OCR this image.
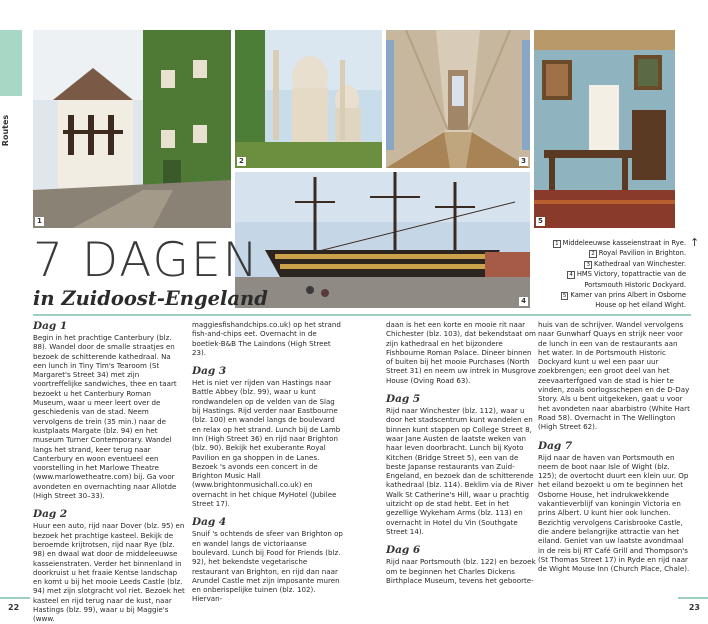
Routes
1
2	3
4
5
7 DAGEN
in Zuidoost-Engeland
↑
1 Middeleeuwse kasseienstraat in Rye.
2 Royal Pavilion in Brighton.
3 Kathedraal van Winchester.
4 HMS Victory, topattractie van de
Portsmouth Historic Dockyard.
5 Kamer van prins Albert in Osborne
House op het eiland Wight.
Dag 1

Begin in het prachtige Canterbury (blz. 88). Wandel door de smalle straatjes en bezoek de schitterende kathedraal. Na een lunch in Tiny Tim's Tearoom (St Margaret's Street 34) met zijn voortreffelijke sandwiches, thee en taart bezoekt u het Canterbury Roman Museum, waar u meer leert over de geschiedenis van de stad. Neem vervolgens de trein (35 min.) naar de kustplaats Margate (blz. 94) en het museum Turner Contemporary. Wandel langs het strand, keer terug naar Canterbury en woon eventueel een voorstelling in het Marlowe Theatre (www.marlowetheatre.com) bij. Ga voor avondeten en overnachting naar Allotde (High Street 30–33).

Dag 2

Huur een auto, rijd naar Dover (blz. 95) en bezoek het prachtige kasteel. Bekijk de beroemde krijtrotsen, rijd naar Rye (blz. 98) en dwaal wat door de middeleeuwse kasseienstraten. Verder het binnenland in doorkruist u het fraaie Kentse landschap en komt u bij het mooie Leeds Castle (blz. 94) met zijn slotgracht vol riet. Bezoek het kasteel en rijd terug naar de kust, naar Hastings (blz. 99), waar u bij Maggie's (www.

maggiesfishandchips.co.uk) op het strand fish-and-chips eet. Overnacht in de boetiek-B&B The Laindons (High Street 23).

Dag 3

Het is niet ver rijden van Hastings naar Battle Abbey (blz. 99), waar u kunt rondwandelen op de velden van de Slag bij Hastings. Rijd verder naar Eastbourne (blz. 100) en wandel langs de boulevard en relax op het strand. Lunch bij de Lamb Inn (High Street 36) en rijd naar Brighton (blz. 90). Bekijk het exuberante Royal Pavilion en ga shoppen in de Lanes. Bezoek 's avonds een concert in de Brighton Music Hall (www.brightonmusichall.co.uk) en overnacht in het chique MyHotel (Jubilee Street 17).

Dag 4

Snuif 's ochtends de sfeer van Brighton op en wandel langs de victoriaanse boulevard. Lunch bij Food for Friends (blz. 92), het bekendste vegetarische restaurant van Brighton, en rijd dan naar Arundel Castle met zijn imposante muren en onberispelijke tuinen (blz. 102). Hiervan-

daan is het een korte en mooie rit naar Chichester (blz. 103), dat bekendstaat om zijn kathedraal en het bijzondere Fishbourne Roman Palace. Dineer binnen of buiten bij het mooie Purchases (North Street 31) en neem uw intrek in Musgrove House (Oving Road 63).

Dag 5

Rijd naar Winchester (blz. 112), waar u door het stadscentrum kunt wandelen en binnen kunt stappen op College Street 8, waar Jane Austen de laatste weken van haar leven doorbracht. Lunch bij Kyoto Kitchen (Bridge Street 5), een van de beste Japanse restaurants van Zuid-Engeland, en bezoek dan de schitterende kathedraal (blz. 114). Beklim via de River Walk St Catherine's Hill, waar u prachtig uitzicht op de stad hebt. Eet in het gezellige Wykeham Arms (blz. 113) en overnacht in Hotel du Vin (Southgate Street 14).

Dag 6

Rijd naar Portsmouth (blz. 122) en bezoek om te beginnen het Charles Dickens Birthplace Museum, tevens het geboorte-

huis van de schrijver. Wandel vervolgens naar Gunwharf Quays en strijk neer voor de lunch in een van de restaurants aan het water. In de Portsmouth Historic Dockyard kunt u wel een paar uur zoekbrengen; een groot deel van het zeevaarterfgoed van de stad is hier te vinden, zoals oorlogsschepen en de D-Day Story. Als u bent uitgekeken, gaat u voor het avondeten naar abarbistro (White Hart Road 58). Overnacht in The Wellington (High Street 62).

Dag 7

Rijd naar de haven van Portsmouth en neem de boot naar Isle of Wight (blz. 125); de overtocht duurt een klein uur. Op het eiland bezoekt u om te beginnen het Osborne House, het indrukwekkende vakantieverblijf van koningin Victoria en prins Albert. U kunt hier ook lunchen. Bezichtig vervolgens Carisbrooke Castle, die andere belangrijke attractie van het eiland. Geniet van uw laatste avondmaal in de reis bij RT Café Grill and Thompson's (St Thomas Street 17) in Ryde en rijd naar de Wight Mouse Inn (Church Place, Chale).

22	23
